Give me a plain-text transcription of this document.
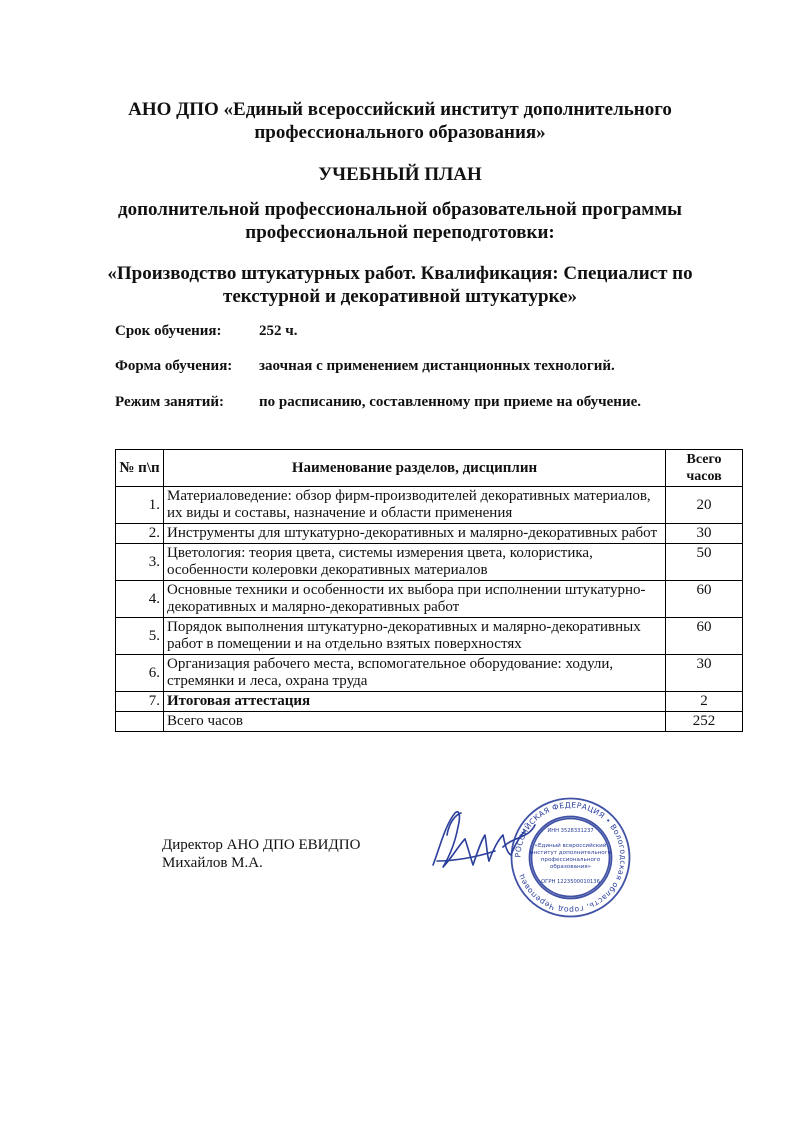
АНО ДПО «Единый всероссийский институт дополнительного
профессионального образования»
УЧЕБНЫЙ ПЛАН
дополнительной профессиональной образовательной программы
профессиональной переподготовки:
«Производство штукатурных работ. Квалификация: Специалист по
текстурной и декоративной штукатурке»
Срок обучения: 252 ч.
Форма обучения: заочная с применением дистанционных технологий.
Режим занятий: по расписанию, составленному при приеме на обучение.
№ п\п	Наименование разделов, дисциплин	Всего
часов

1.	Материаловедение: обзор фирм-производителей декоративных материалов, их виды и составы, назначение и области применения	20
2.	Инструменты для штукатурно-декоративных и малярно-декоративных работ	30
3.	Цветология: теория цвета, системы измерения цвета, колористика, особенности колеровки декоративных материалов	50
4.	Основные техники и особенности их выбора при исполнении штукатурно-декоративных и малярно-декоративных работ	60
5.	Порядок выполнения штукатурно-декоративных и малярно-декоративных работ в помещении и на отдельно взятых поверхностях	60
6.	Организация рабочего места, вспомогательное оборудование: ходули, стремянки и леса, охрана труда	30
7.	Итоговая аттестация	2
	Всего часов	252
Директор АНО ДПО ЕВИДПО
Михайлов М.А.
РОССИЙСКАЯ ФЕДЕРАЦИЯ • Вологодская область, город Череповец
ИНН 3528331237
«Единый всероссийский
институт дополнительного
профессионального
образования»
ОГРН 1223500010136
